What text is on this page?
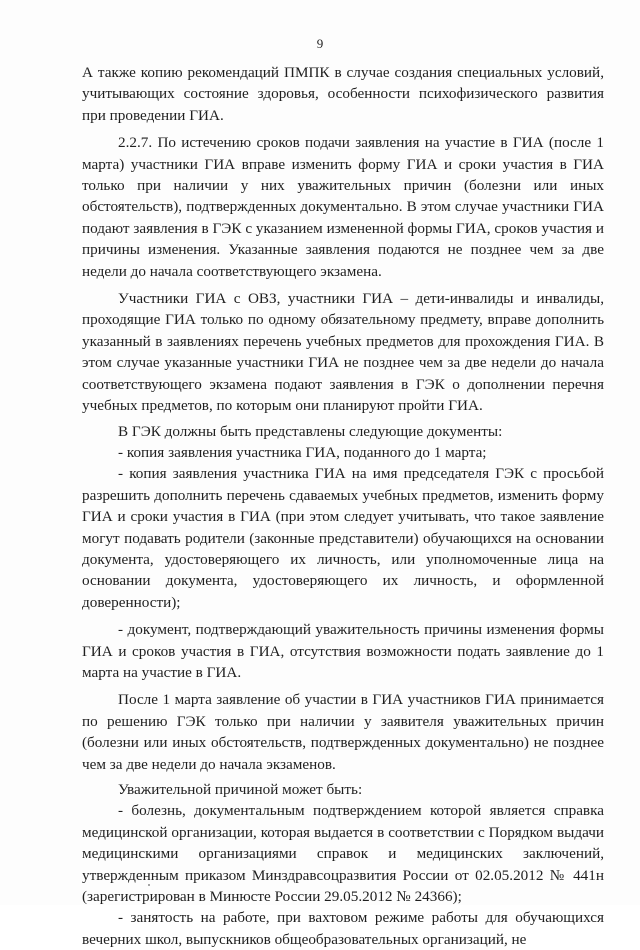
9

А также копию рекомендаций ПМПК в случае создания специальных условий, учитывающих состояние здоровья, особенности психофизического развития при проведении ГИА.

2.2.7. По истечению сроков подачи заявления на участие в ГИА (после 1 марта) участники ГИА вправе изменить форму ГИА и сроки участия в ГИА только при наличии у них уважительных причин (болезни или иных обстоятельств), подтвержденных документально. В этом случае участники ГИА подают заявления в ГЭК с указанием измененной формы ГИА, сроков участия и причины изменения. Указанные заявления подаются не позднее чем за две недели до начала соответствующего экзамена.

Участники ГИА с ОВЗ, участники ГИА – дети-инвалиды и инвалиды, проходящие ГИА только по одному обязательному предмету, вправе дополнить указанный в заявлениях перечень учебных предметов для прохождения ГИА. В этом случае указанные участники ГИА не позднее чем за две недели до начала соответствующего экзамена подают заявления в ГЭК о дополнении перечня учебных предметов, по которым они планируют пройти ГИА.

В ГЭК должны быть представлены следующие документы:

- копия заявления участника ГИА, поданного до 1 марта;

- копия заявления участника ГИА на имя председателя ГЭК с просьбой разрешить дополнить перечень сдаваемых учебных предметов, изменить форму ГИА и сроки участия в ГИА (при этом следует учитывать, что такое заявление могут подавать родители (законные представители) обучающихся на основании документа, удостоверяющего их личность, или уполномоченные лица на основании документа, удостоверяющего их личность, и оформленной доверенности);

- документ, подтверждающий уважительность причины изменения формы ГИА и сроков участия в ГИА, отсутствия возможности подать заявление до 1 марта на участие в ГИА.

После 1 марта заявление об участии в ГИА участников ГИА принимается по решению ГЭК только при наличии у заявителя уважительных причин (болезни или иных обстоятельств, подтвержденных документально) не позднее чем за две недели до начала экзаменов.

Уважительной причиной может быть:

- болезнь, документальным подтверждением которой является справка медицинской организации, которая выдается в соответствии с Порядком выдачи медицинскими организациями справок и медицинских заключений, утвержденным приказом Минздравсоцразвития России от 02.05.2012 № 441н (зарегистрирован в Минюсте России 29.05.2012 № 24366);

- занятость на работе, при вахтовом режиме работы для обучающихся вечерних школ, выпускников общеобразовательных организаций, не
